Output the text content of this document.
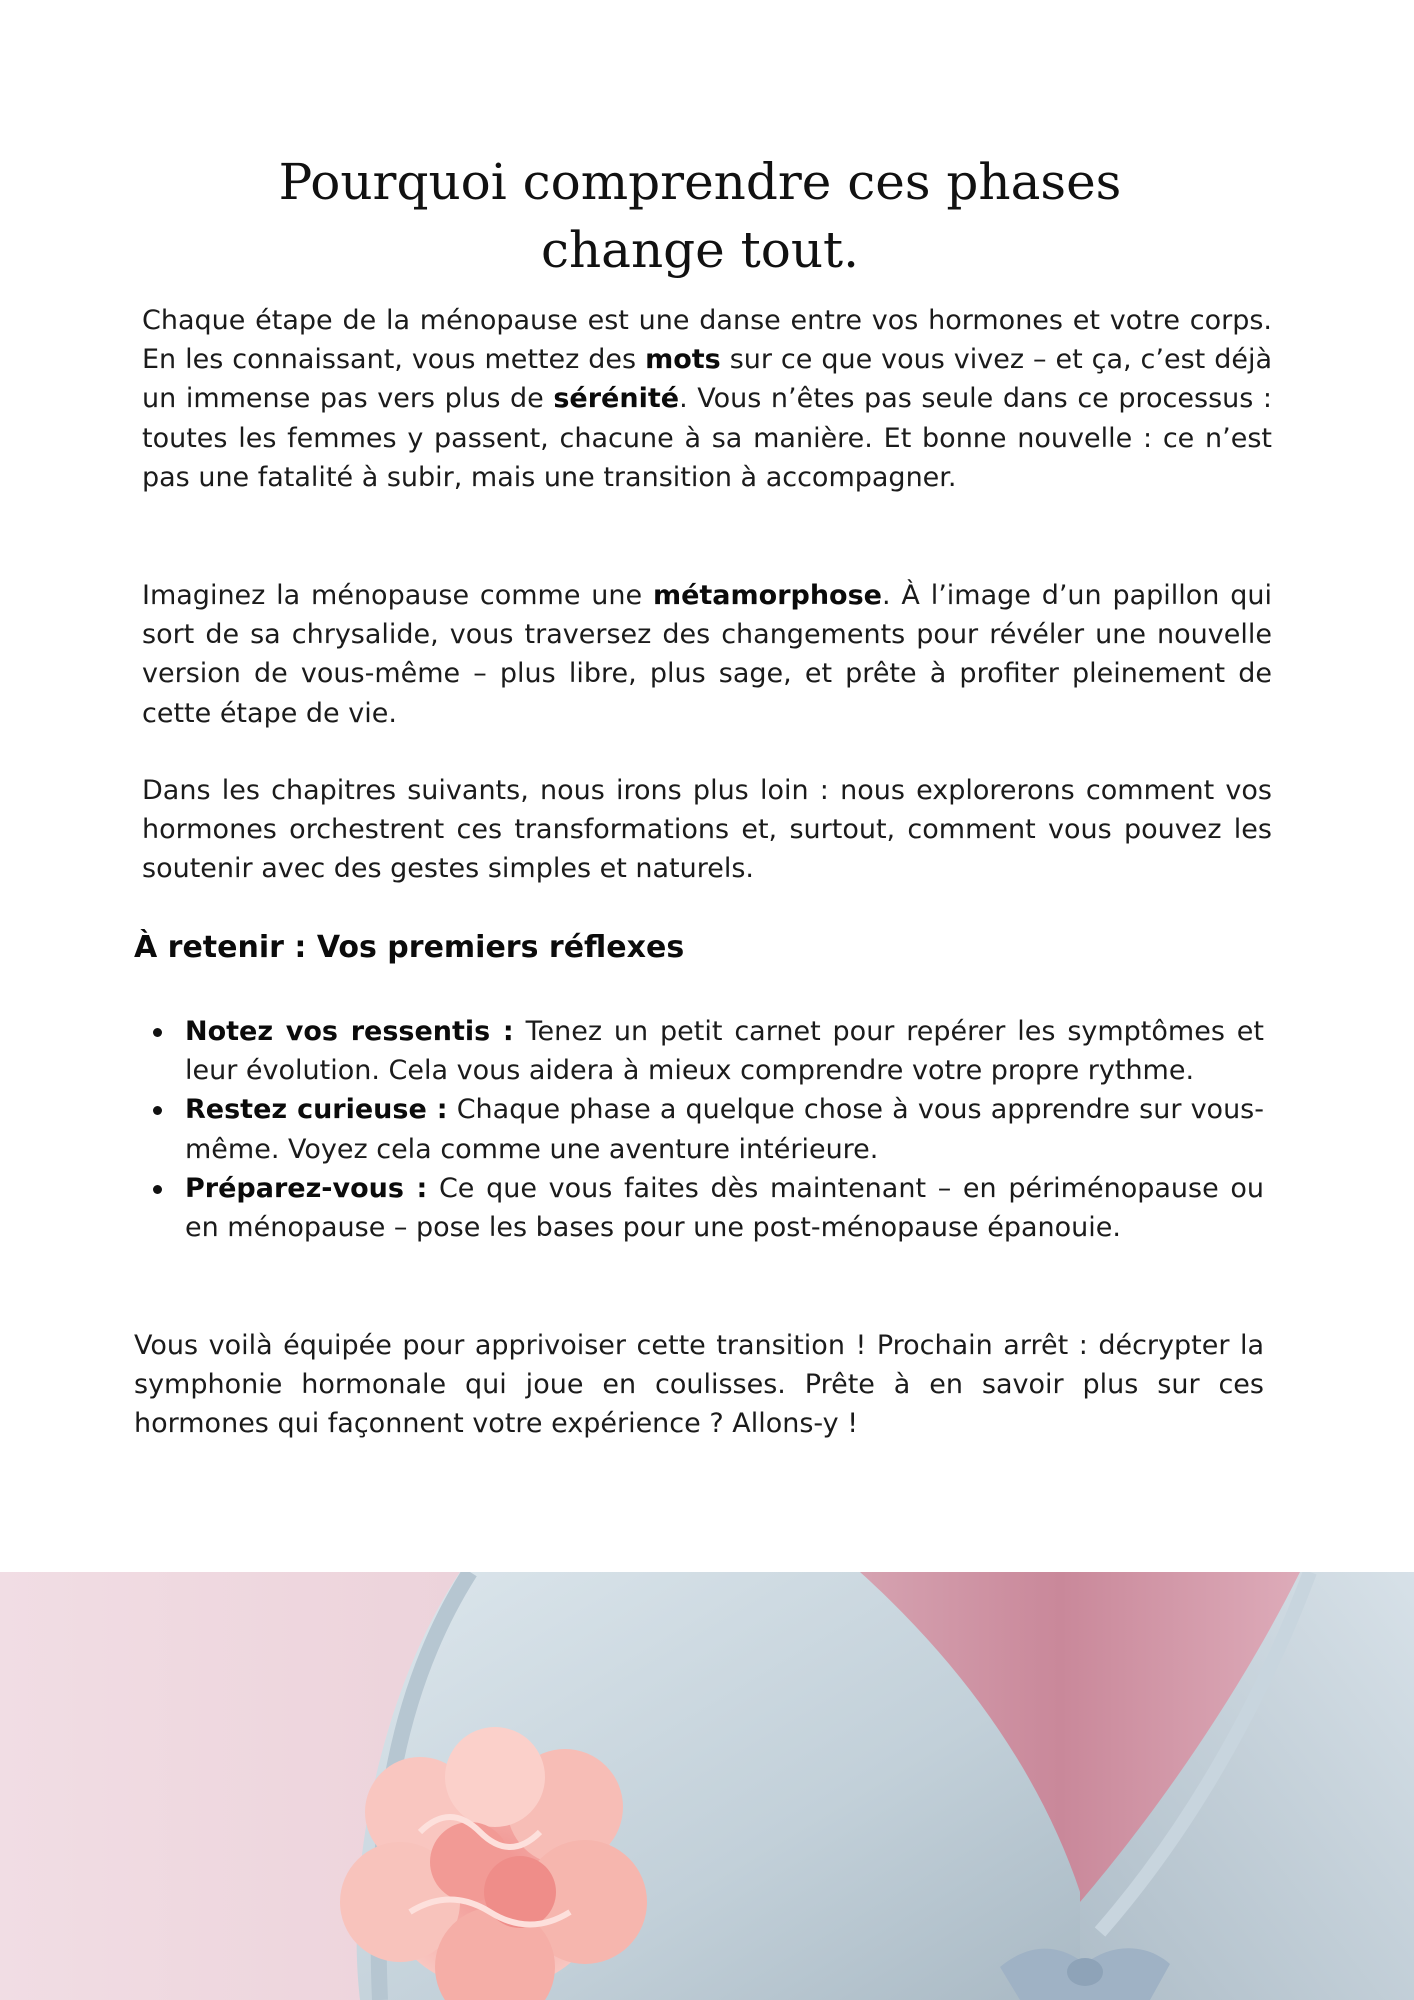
Pourquoi comprendre ces phases change tout.

Chaque étape de la ménopause est une danse entre vos hormones et votre corps. En les connaissant, vous mettez des mots sur ce que vous vivez – et ça, c’est déjà un immense pas vers plus de sérénité. Vous n’êtes pas seule dans ce processus : toutes les femmes y passent, chacune à sa manière. Et bonne nouvelle : ce n’est pas une fatalité à subir, mais une transition à accompagner.

Imaginez la ménopause comme une métamorphose. À l’image d’un papillon qui sort de sa chrysalide, vous traversez des changements pour révéler une nouvelle version de vous-même – plus libre, plus sage, et prête à profiter pleinement de cette étape de vie.

Dans les chapitres suivants, nous irons plus loin : nous explorerons comment vos hormones orchestrent ces transformations et, surtout, comment vous pouvez les soutenir avec des gestes simples et naturels.

À retenir : Vos premiers réflexes
Notez vos ressentis : Tenez un petit carnet pour repérer les symptômes et leur évolution. Cela vous aidera à mieux comprendre votre propre rythme.
Restez curieuse : Chaque phase a quelque chose à vous apprendre sur vous-même. Voyez cela comme une aventure intérieure.
Préparez-vous : Ce que vous faites dès maintenant – en périménopause ou en ménopause – pose les bases pour une post-ménopause épanouie.

Vous voilà équipée pour apprivoiser cette transition ! Prochain arrêt : décrypter la symphonie hormonale qui joue en coulisses. Prête à en savoir plus sur ces hormones qui façonnent votre expérience ? Allons-y !
